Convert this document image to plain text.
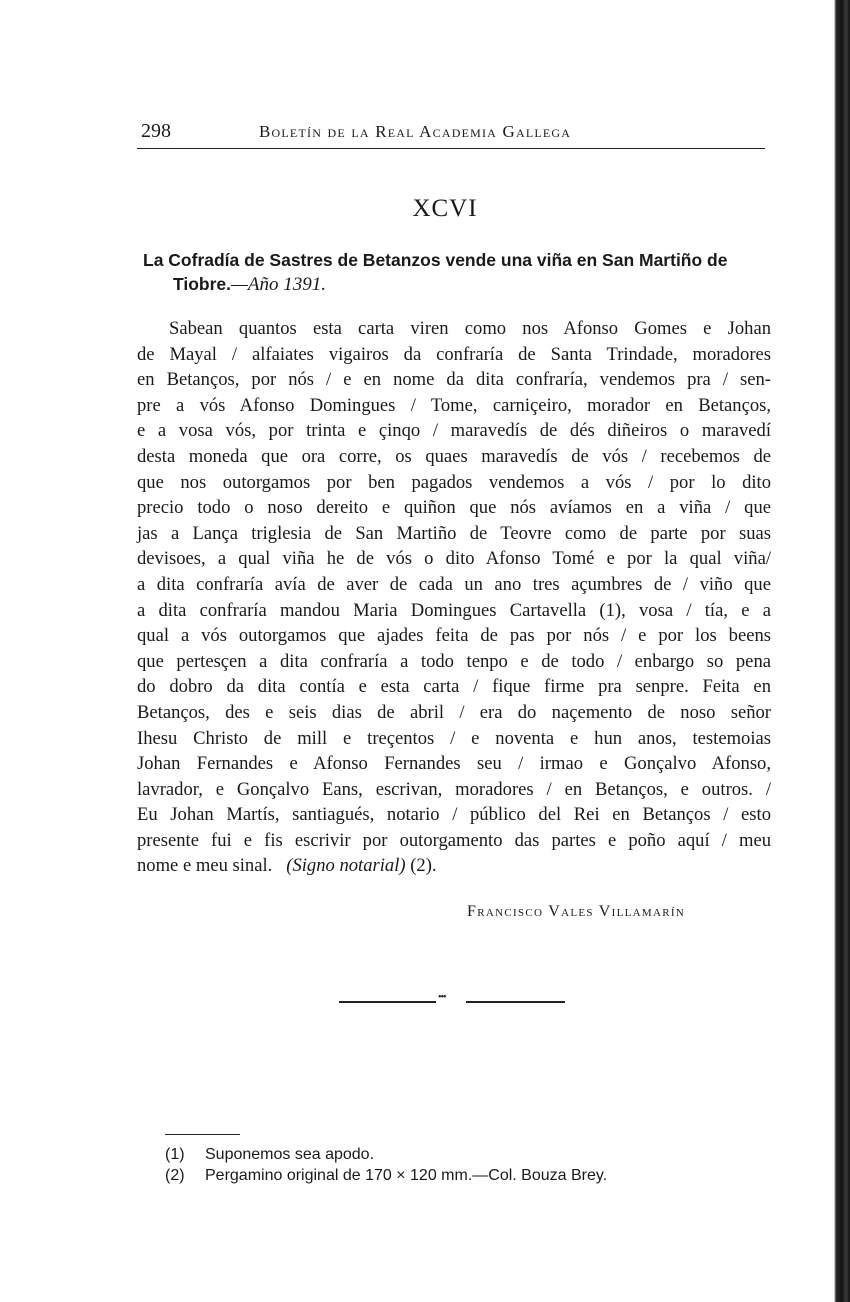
298	Boletín de la Real Academia Gallega
XCVI
La Cofradía de Sastres de Betanzos vende una viña en San Martiño de
Tiobre.—Año 1391.
Sabean quantos esta carta viren como nos Afonso Gomes e Johan
de Mayal / alfaiates vigairos da confraría de Santa Trindade, moradores
en Betanços, por nós / e en nome da dita confraría, vendemos pra / sen-
pre a vós Afonso Domingues / Tome, carniçeiro, morador en Betanços,
e a vosa vós, por trinta e çinqo / maravedís de dés diñeiros o maravedí
desta moneda que ora corre, os quaes maravedís de vós / recebemos de
que nos outorgamos por ben pagados vendemos a vós / por lo dito
precio todo o noso dereito e quiñon que nós avíamos en a viña / que
jas a Lança triglesia de San Martiño de Teovre como de parte por suas
devisoes, a qual viña he de vós o dito Afonso Tomé e por la qual viña/
a dita confraría avía de aver de cada un ano tres açumbres de / viño que
a dita confraría mandou Maria Domingues Cartavella (1), vosa / tía, e a
qual a vós outorgamos que ajades feita de pas por nós / e por los beens
que pertesçen a dita confraría a todo tenpo e de todo / enbargo so pena
do dobro da dita contía e esta carta / fique firme pra senpre. Feita en
Betanços, des e seis dias de abril / era do naçemento de noso señor
Ihesu Christo de mill e treçentos / e noventa e hun anos, testemoias
Johan Fernandes e Afonso Fernandes seu / irmao e Gonçalvo Afonso,
lavrador, e Gonçalvo Eans, escrivan, moradores / en Betanços, e outros. /
Eu Johan Martís, santiagués, notario / público del Rei en Betanços / esto
presente fui e fis escrivir por outorgamento das partes e poño aquí / meu
nome e meu sinal. (Signo notarial) (2).
Francisco Vales Villamarín
•••
(1) Suponemos sea apodo.
(2) Pergamino original de 170 × 120 mm.—Col. Bouza Brey.
